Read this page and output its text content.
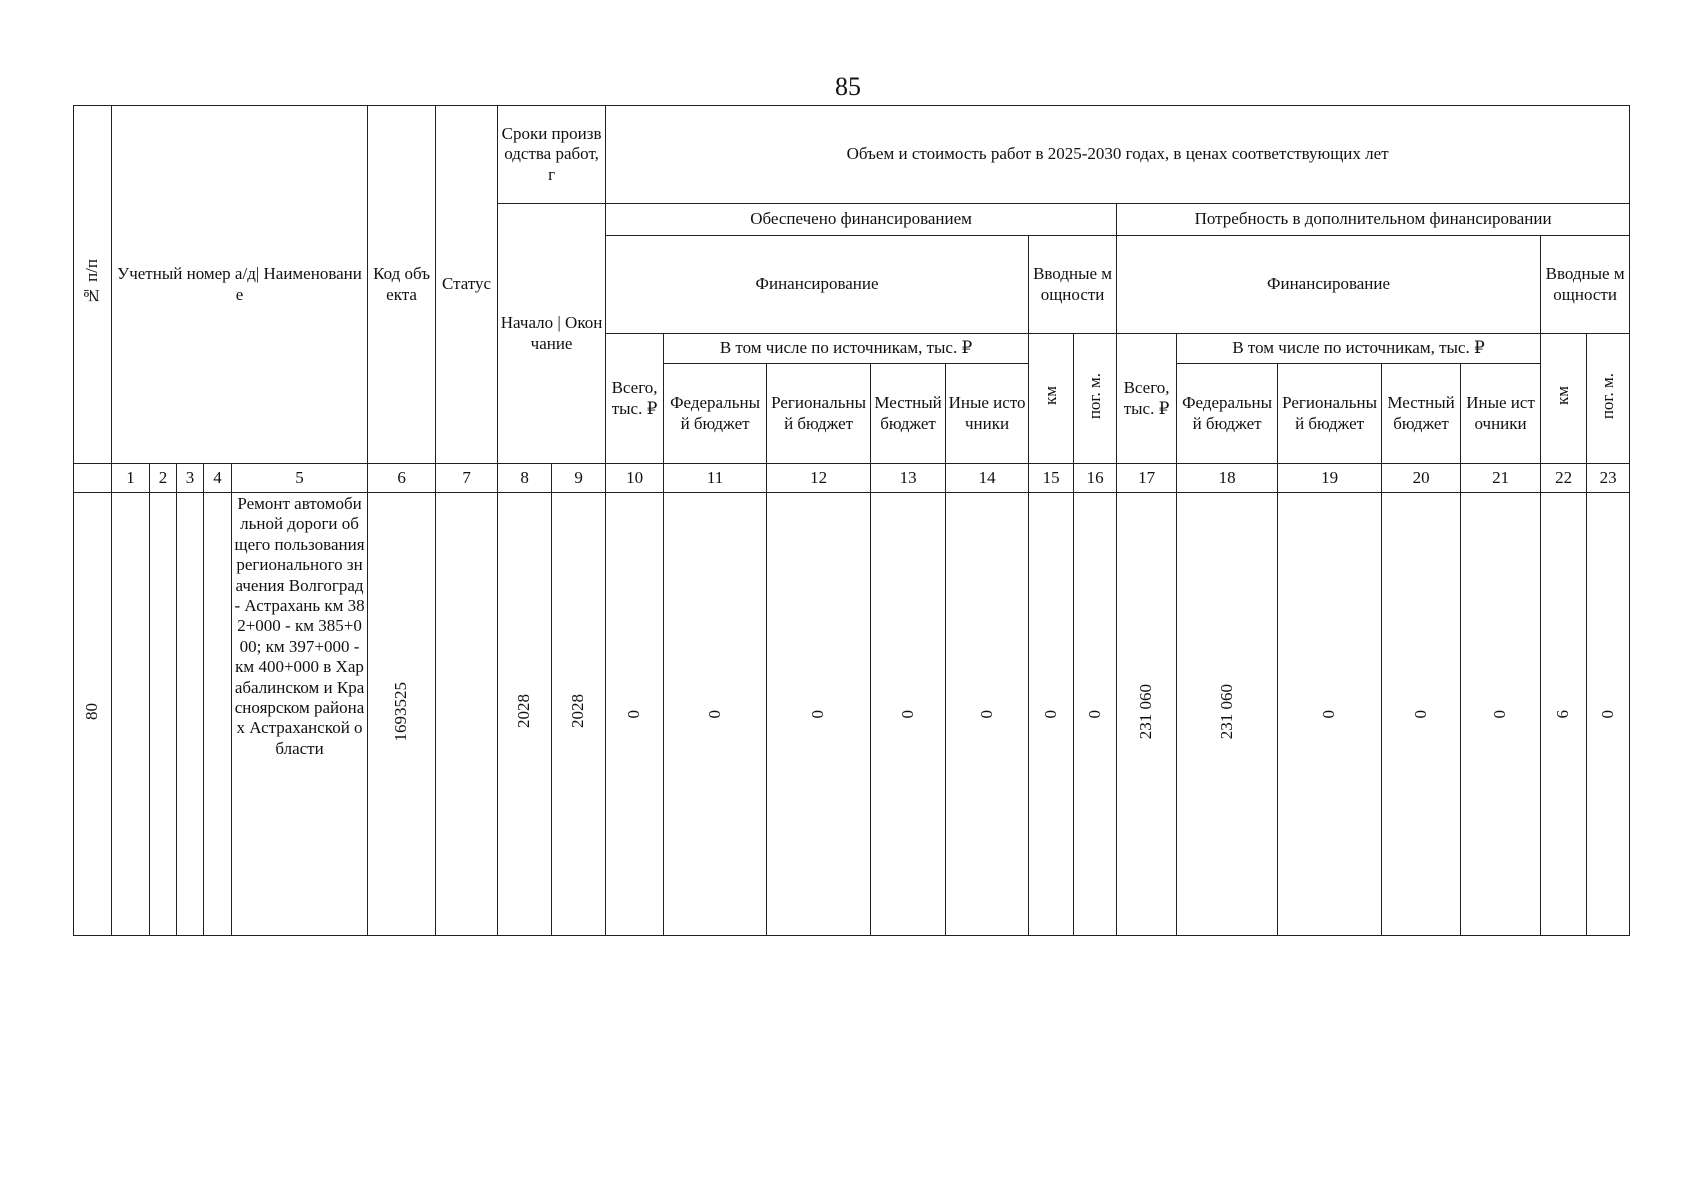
85
№ п/п	Учетный номер а/д| Наименование					Код объекта	Статус	Сроки производства работ, г		Объем и стоимость работ в 2025-2030 годах, в ценах соответствующих лет													
								Начало | Окончание		Обеспечено финансированием							Потребность в дополнительном финансировании						
										Финансирование					Вводные мощности		Финансирование					Вводные мощности	
										Всего, тыс. ₽	В том числе по источникам, тыс. ₽				км	пог. м.	Всего, тыс. ₽	В том числе по источникам, тыс. ₽				км	пог. м.
											Федеральный бюджет	Региональный бюджет	Местный бюджет	Иные источники				Федеральный бюджет	Региональный бюджет	Местный бюджет	Иные источники		
	1	2	3	4	5	6	7	8	9	10	11	12	13	14	15	16	17	18	19	20	21	22	23
80					Ремонт автомобильной дороги общего пользования регионального значения Волгоград - Астрахань км 382+000 - км 385+000; км 397+000 - км 400+000 в Харабалинском и Красноярском районах Астраханской области	1693525		2028	2028	0	0	0	0	0	0	0	231 060	231 060	0	0	0	6	0
